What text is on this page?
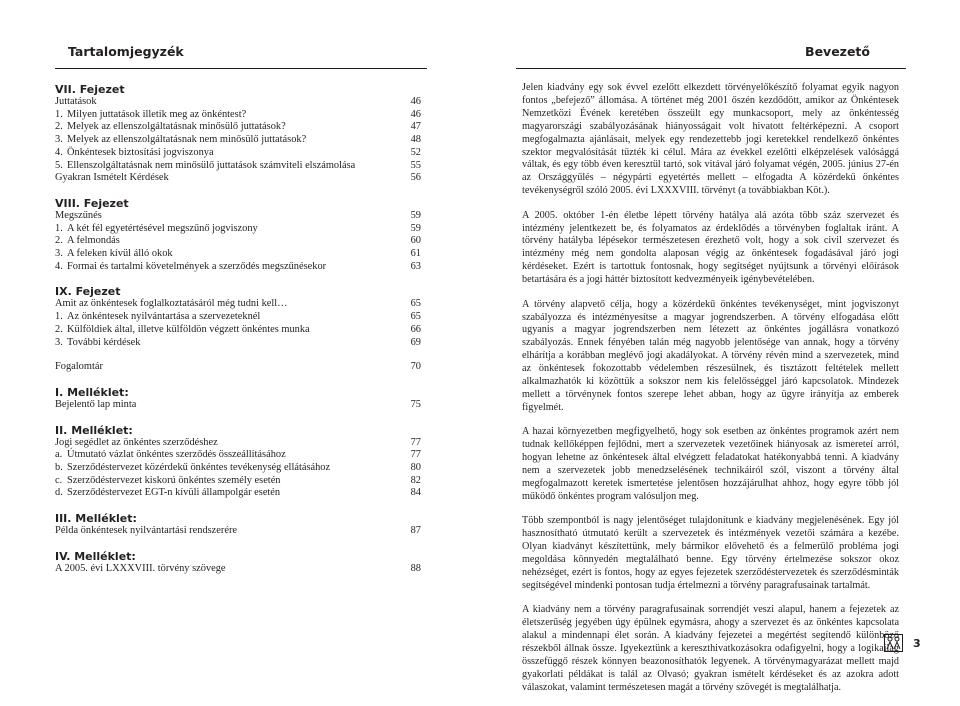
Tartalomjegyzék
VII. Fejezet
Juttatások	46
1. Milyen juttatások illetik meg az önkéntest?	46
2. Melyek az ellenszolgáltatásnak minősülő juttatások?	47
3. Melyek az ellenszolgáltatásnak nem minősülő juttatások?	48
4. Önkéntesek biztosítási jogviszonya	52
5. Ellenszolgáltatásnak nem minősülő juttatások számviteli elszámolása	55
Gyakran Ismételt Kérdések	56
VIII. Fejezet
Megszűnés	59
1. A két fél egyetértésével megszűnő jogviszony	59
2. A felmondás	60
3. A feleken kívül álló okok	61
4. Formai és tartalmi követelmények a szerződés megszűnésekor	63
IX. Fejezet
Amit az önkéntesek foglalkoztatásáról még tudni kell…	65
1. Az önkéntesek nyilvántartása a szervezeteknél	65
2. Külföldiek által, illetve külföldön végzett önkéntes munka	66
3. További kérdések	69
Fogalomtár	70
I. Melléklet:
Bejelentő lap minta	75
II. Melléklet:
Jogi segédlet az önkéntes szerződéshez	77
a. Útmutató vázlat önkéntes szerződés összeállításához	77
b. Szerződéstervezet közérdekű önkéntes tevékenység ellátásához	80
c. Szerződéstervezet kiskorú önkéntes személy esetén	82
d. Szerződéstervezet EGT-n kívüli állampolgár esetén	84
III. Melléklet:
Példa önkéntesek nyilvántartási rendszerére	87
IV. Melléklet:
A 2005. évi LXXXVIII. törvény szövege	88
Bevezető

Jelen kiadvány egy sok évvel ezelőtt elkezdett törvényelőkészítő folyamat egyik nagyon fontos „befejező” állomása. A történet még 2001 őszén kezdődött, amikor az Önkéntesek Nemzetközi Évének keretében összeült egy munkacsoport, mely az önkéntesség magyarországi szabályozásának hiányosságait volt hivatott feltérképezni. A csoport megfogalmazta ajánlásait, melyek egy rendezettebb jogi keretekkel rendelkező önkéntes szektor megvalósítását tűzték ki célul. Mára az évekkel ezelőtti elképzelések valósággá váltak, és egy több éven keresztül tartó, sok vitával járó folyamat végén, 2005. június 27-én az Országgyűlés – négypárti egyetértés mellett – elfogadta A közérdekű önkéntes tevékenységről szóló 2005. évi LXXXVIII. törvényt (a továbbiakban Köt.).

A 2005. október 1-én életbe lépett törvény hatálya alá azóta több száz szervezet és intézmény jelentkezett be, és folyamatos az érdeklődés a törvényben foglaltak iránt. A törvény hatályba lépésekor természetesen érezhető volt, hogy a sok civil szervezet és intézmény még nem gondolta alaposan végig az önkéntesek fogadásával járó jogi kérdéseket. Ezért is tartottuk fontosnak, hogy segítséget nyújtsunk a törvényi előírások betartására és a jogi háttér biztosított kedvezményeik igénybevételében.

A törvény alapvető célja, hogy a közérdekű önkéntes tevékenységet, mint jogviszonyt szabályozza és intézményesítse a magyar jogrendszerben. A törvény elfogadása előtt ugyanis a magyar jogrendszerben nem létezett az önkéntes jogállásra vonatkozó szabályozás. Ennek fényében talán még nagyobb jelentősége van annak, hogy a törvény elhárítja a korábban meglévő jogi akadályokat. A törvény révén mind a szervezetek, mind az önkéntesek fokozottabb védelemben részesülnek, és tisztázott feltételek mellett alkalmazhatók ki közöttük a sokszor nem kis felelősséggel járó kapcsolatok. Mindezek mellett a törvénynek fontos szerepe lehet abban, hogy az ügyre irányítja az emberek figyelmét.

A hazai környezetben megfigyelhető, hogy sok esetben az önkéntes programok azért nem tudnak kellőképpen fejlődni, mert a szervezetek vezetőinek hiányosak az ismereteí arról, hogyan lehetne az önkéntesek által elvégzett feladatokat hatékonyabbá tenni. A kiadvány nem a szervezetek jobb menedzselésének technikáiról szól, viszont a törvény által megfogalmazott keretek ismertetése jelentősen hozzájárulhat ahhoz, hogy egyre több jól működő önkéntes program valósuljon meg.

Több szempontból is nagy jelentőséget tulajdonítunk e kiadvány megjelenésének. Egy jól hasznosítható útmutató került a szervezetek és intézmények vezetői számára a kezébe. Olyan kiadványt készítettünk, mely bármikor elővehető és a felmerülő probléma jogi megoldása könnyedén megtalálható benne. Egy törvény értelmezése sokszor okoz nehézséget, ezért is fontos, hogy az egyes fejezetek szerződéstervezetek és szerződésminták segítségével mindenki pontosan tudja értelmezni a törvény paragrafusainak tartalmát.

A kiadvány nem a törvény paragrafusainak sorrendjét veszi alapul, hanem a fejezetek az életszerűség jegyében úgy épülnek egymásra, ahogy a szervezet és az önkéntes kapcsolata alakul a mindennapi élet során. A kiadvány fejezetei a megértést segítendő különböző részekből állnak össze. Igyekeztünk a kereszthivatkozásokra odafigyelni, hogy a logikailag összefüggő részek könnyen beazonosíthatók legyenek. A törvénymagyarázat mellett majd gyakorlati példákat is talál az Olvasó; gyakran ismételt kérdéseket és az azokra adott válaszokat, valamint természetesen magát a törvény szövegét is megtalálhatja.

3
